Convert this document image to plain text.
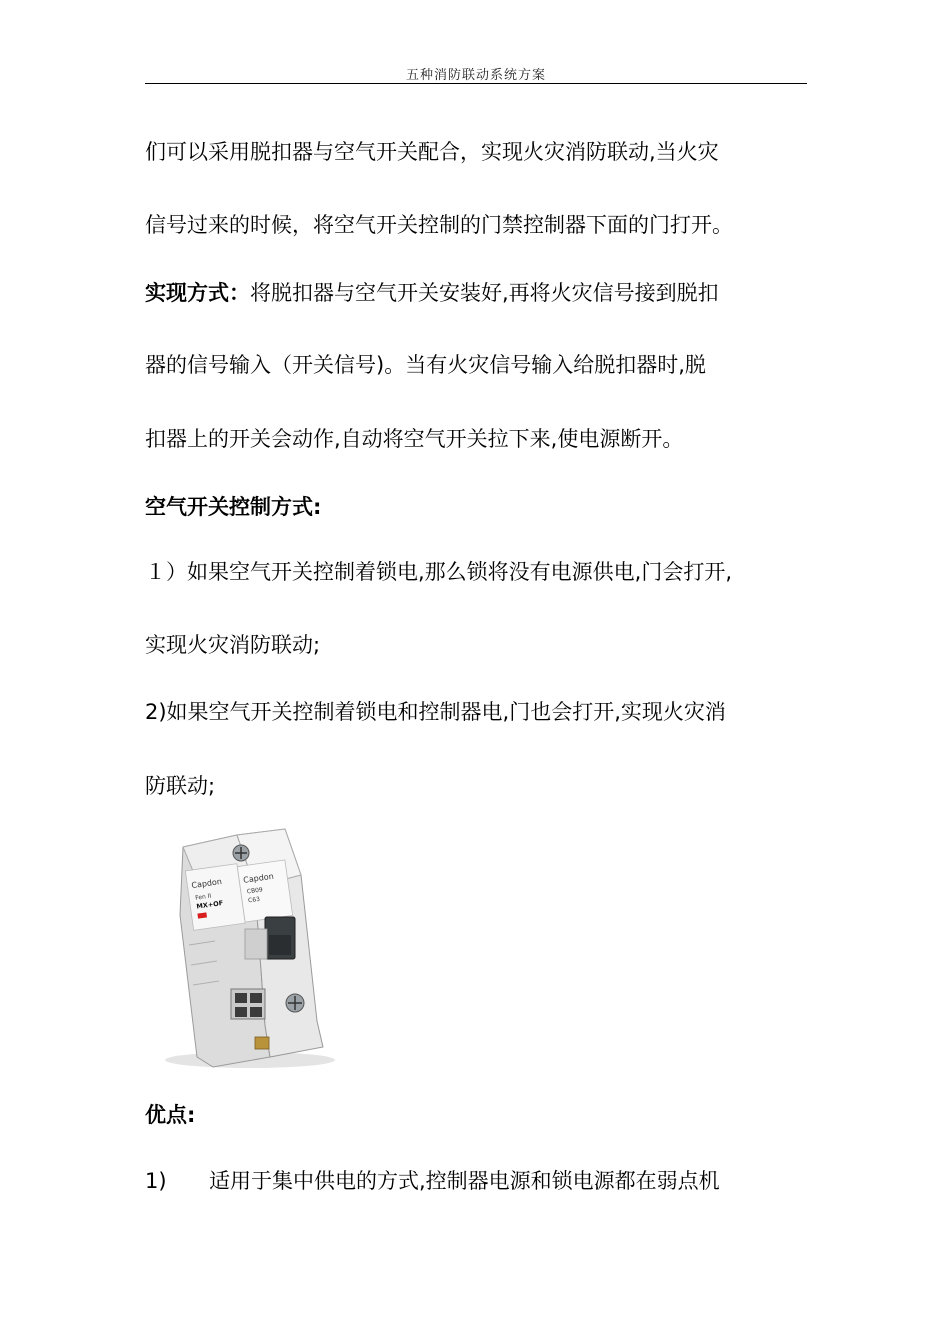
五种消防联动系统方案
们可以采用脱扣器与空气开关配合，实现火灾消防联动,当火灾
信号过来的时候，将空气开关控制的门禁控制器下面的门打开。
实现方式：将脱扣器与空气开关安装好,再将火灾信号接到脱扣
器的信号输入（开关信号)。当有火灾信号输入给脱扣器时,脱
扣器上的开关会动作,自动将空气开关拉下来,使电源断开。
空气开关控制方式:
１）如果空气开关控制着锁电,那么锁将没有电源供电,门会打开,
实现火灾消防联动;
2)如果空气开关控制着锁电和控制器电,门也会打开,实现火灾消
防联动;
Capdon
Fen II
MX+OF
Capdon
CB09
C63
优点:
1) 适用于集中供电的方式,控制器电源和锁电源都在弱点机
